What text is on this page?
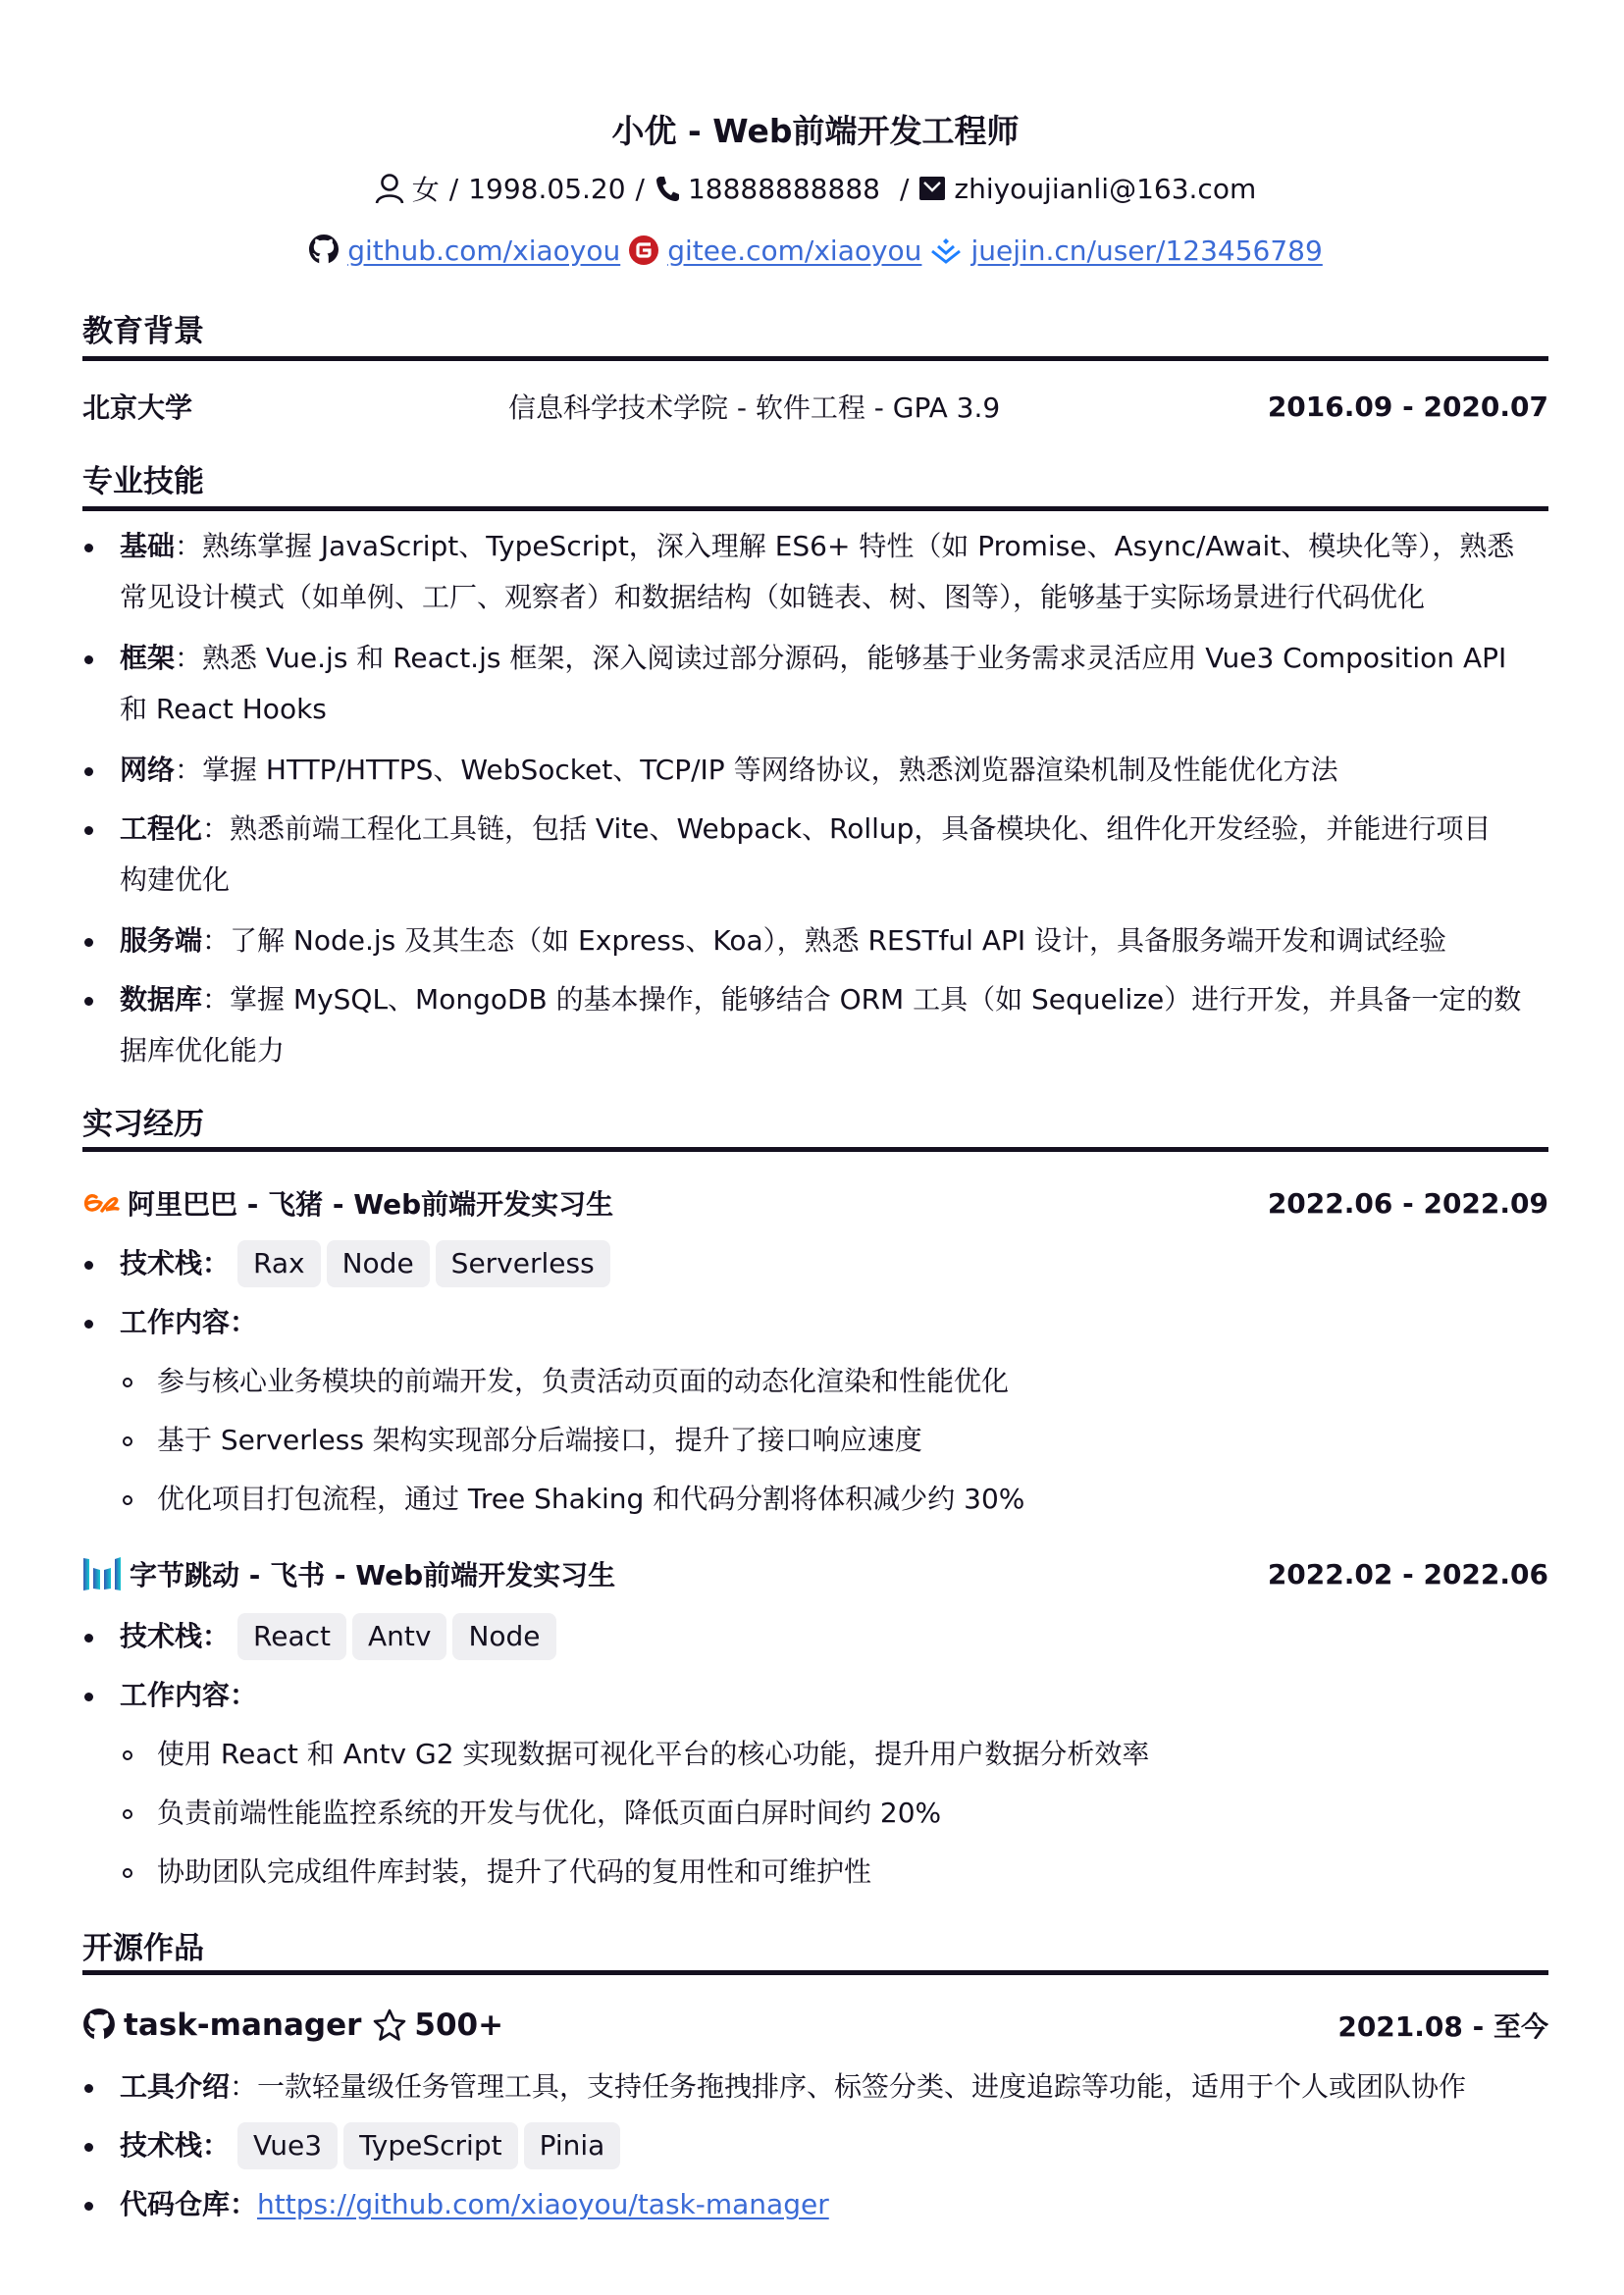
小优 - Web前端开发工程师
女 / 1998.05.20 / 18888888888 / zhiyoujianli@163.com
github.com/xiaoyou gitee.com/xiaoyou juejin.cn/user/123456789
教育背景
北京大学	信息科学技术学院 - 软件工程 - GPA 3.9	2016.09 - 2020.07
专业技能
基础：熟练掌握 JavaScript、TypeScript，深入理解 ES6+ 特性（如 Promise、Async/Await、模块化等），熟悉
常见设计模式（如单例、工厂、观察者）和数据结构（如链表、树、图等），能够基于实际场景进行代码优化
框架：熟悉 Vue.js 和 React.js 框架，深入阅读过部分源码，能够基于业务需求灵活应用 Vue3 Composition API
和 React Hooks
网络：掌握 HTTP/HTTPS、WebSocket、TCP/IP 等网络协议，熟悉浏览器渲染机制及性能优化方法
工程化：熟悉前端工程化工具链，包括 Vite、Webpack、Rollup，具备模块化、组件化开发经验，并能进行项目
构建优化
服务端：了解 Node.js 及其生态（如 Express、Koa），熟悉 RESTful API 设计，具备服务端开发和调试经验
数据库：掌握 MySQL、MongoDB 的基本操作，能够结合 ORM 工具（如 Sequelize）进行开发，并具备一定的数
据库优化能力
实习经历
阿里巴巴 - 飞猪 - Web前端开发实习生	2022.06 - 2022.09
技术栈： Rax	Node	Serverless
工作内容：
参与核心业务模块的前端开发，负责活动页面的动态化渲染和性能优化
基于 Serverless 架构实现部分后端接口，提升了接口响应速度
优化项目打包流程，通过 Tree Shaking 和代码分割将体积减少约 30%
字节跳动 - 飞书 - Web前端开发实习生	2022.02 - 2022.06
技术栈： React	Antv	Node
工作内容：
使用 React 和 Antv G2 实现数据可视化平台的核心功能，提升用户数据分析效率
负责前端性能监控系统的开发与优化，降低页面白屏时间约 20%
协助团队完成组件库封装，提升了代码的复用性和可维护性
开源作品
task-manager 500+	2021.08 - 至今
工具介绍：一款轻量级任务管理工具，支持任务拖拽排序、标签分类、进度追踪等功能，适用于个人或团队协作
技术栈： Vue3	TypeScript	Pinia
代码仓库：https://github.com/xiaoyou/task-manager
